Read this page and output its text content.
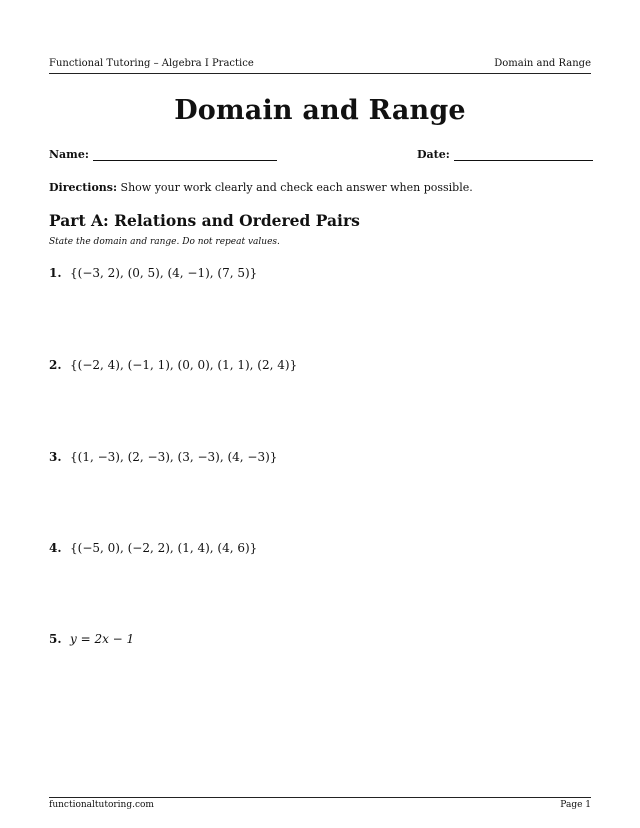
Functional Tutoring – Algebra I Practice	Domain and Range
Domain and Range
Name:	Date:
Directions: Show your work clearly and check each answer when possible.
Part A: Relations and Ordered Pairs
State the domain and range. Do not repeat values.
1. {(−3, 2), (0, 5), (4, −1), (7, 5)}
2. {(−2, 4), (−1, 1), (0, 0), (1, 1), (2, 4)}
3. {(1, −3), (2, −3), (3, −3), (4, −3)}
4. {(−5, 0), (−2, 2), (1, 4), (4, 6)}
5. y = 2x − 1
functionaltutoring.com	Page 1
